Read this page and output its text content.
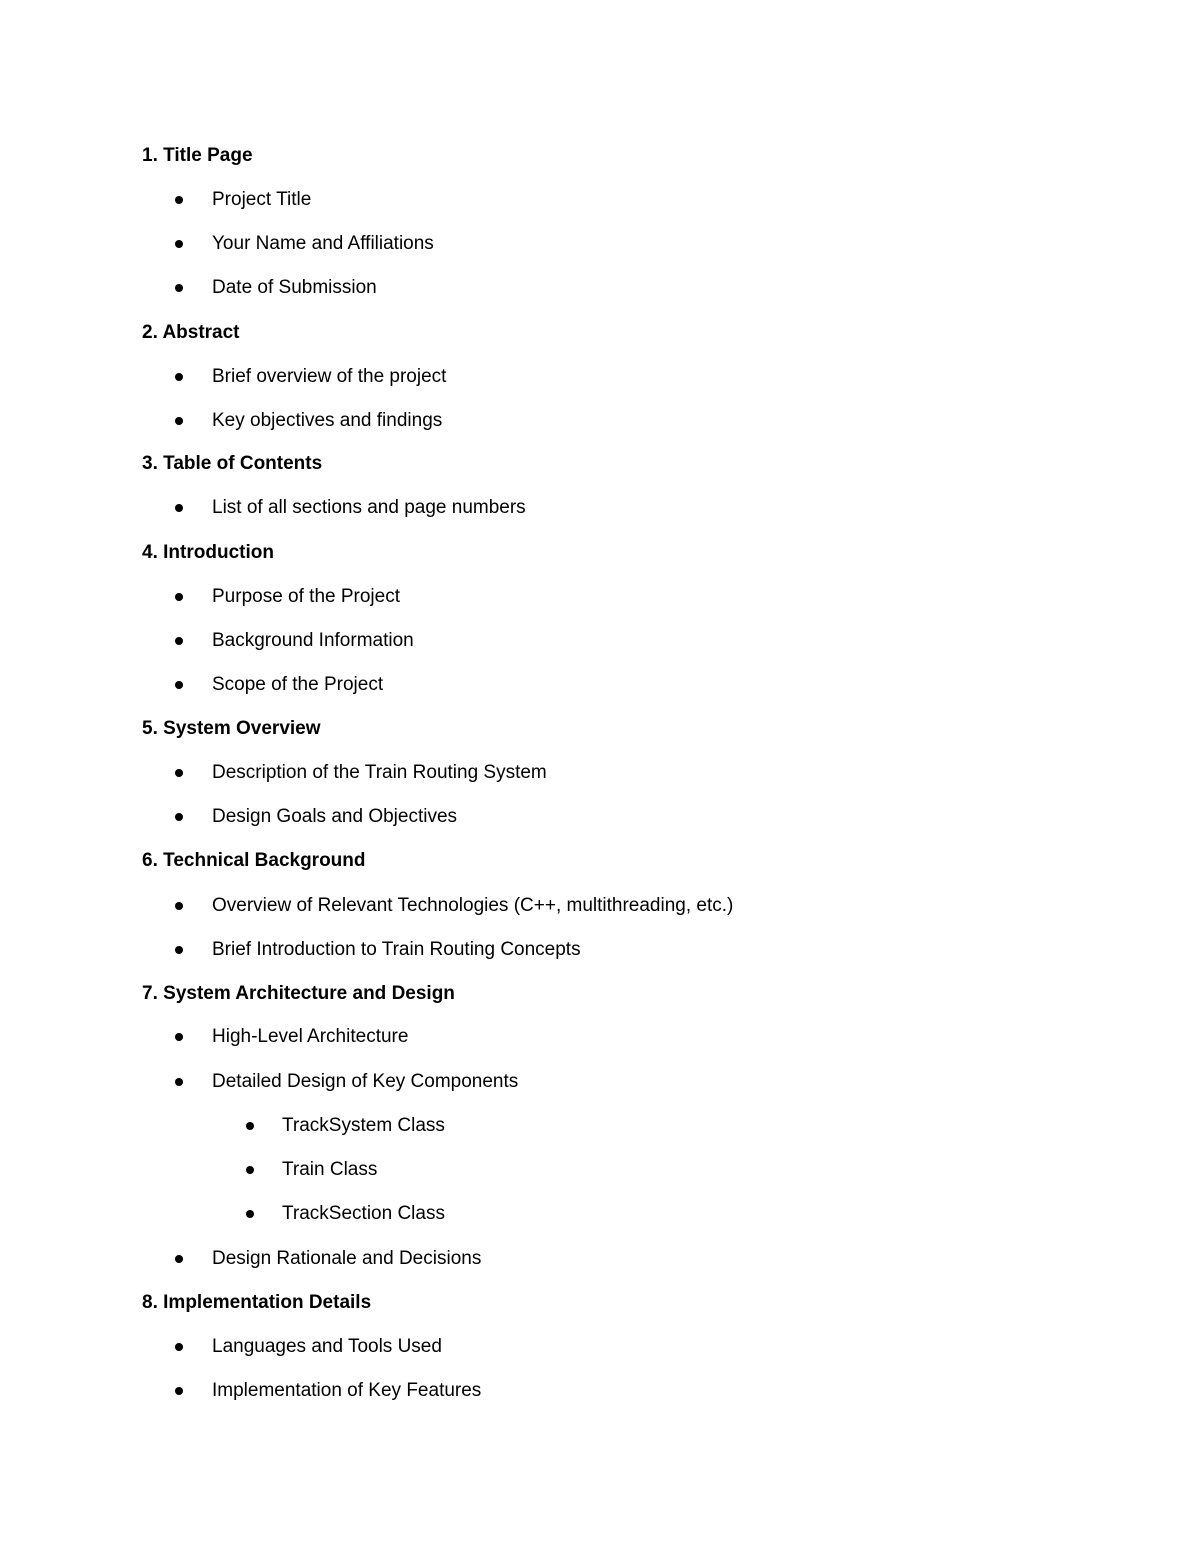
1. Title Page
Project Title
Your Name and Affiliations
Date of Submission
2. Abstract
Brief overview of the project
Key objectives and findings
3. Table of Contents
List of all sections and page numbers
4. Introduction
Purpose of the Project
Background Information
Scope of the Project
5. System Overview
Description of the Train Routing System
Design Goals and Objectives
6. Technical Background
Overview of Relevant Technologies (C++, multithreading, etc.)
Brief Introduction to Train Routing Concepts
7. System Architecture and Design
High-Level Architecture
Detailed Design of Key Components
TrackSystem Class
Train Class
TrackSection Class
Design Rationale and Decisions
8. Implementation Details
Languages and Tools Used
Implementation of Key Features
